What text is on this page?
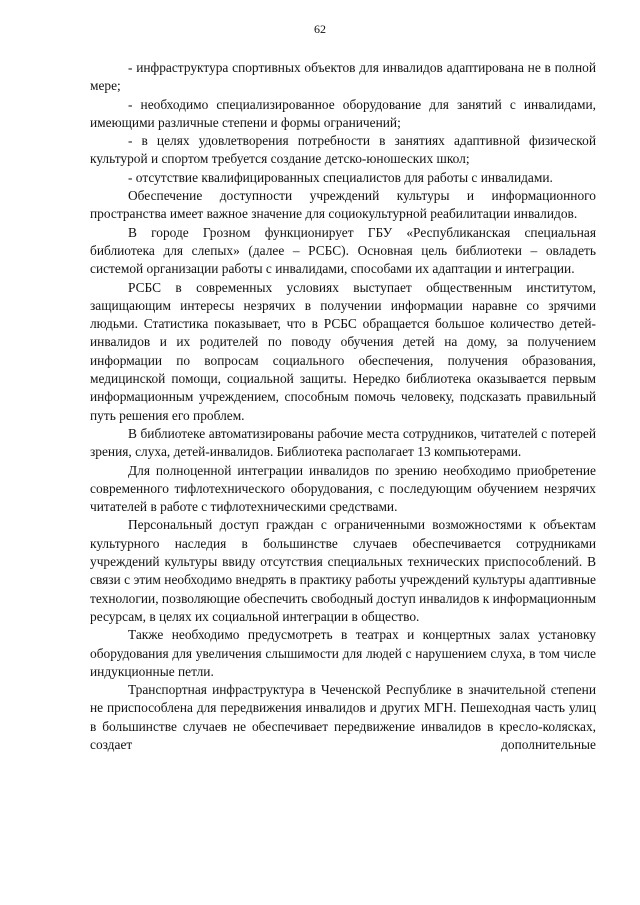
62

- инфраструктура спортивных объектов для инвалидов адаптирована не в полной мере;

- необходимо специализированное оборудование для занятий с инвалидами, имеющими различные степени и формы ограничений;

- в целях удовлетворения потребности в занятиях адаптивной физической культурой и спортом требуется создание детско-юношеских школ;

- отсутствие квалифицированных специалистов для работы с инвалидами.

Обеспечение доступности учреждений культуры и информационного пространства имеет важное значение для социокультурной реабилитации инвалидов.

В городе Грозном функционирует ГБУ «Республиканская специальная библиотека для слепых» (далее – РСБС). Основная цель библиотеки – овладеть системой организации работы с инвалидами, способами их адаптации и интеграции.

РСБС в современных условиях выступает общественным институтом, защищающим интересы незрячих в получении информации наравне со зрячими людьми. Статистика показывает, что в РСБС обращается большое количество детей-инвалидов и их родителей по поводу обучения детей на дому, за получением информации по вопросам социального обеспечения, получения образования, медицинской помощи, социальной защиты. Нередко библиотека оказывается первым информационным учреждением, способным помочь человеку, подсказать правильный путь решения его проблем.

В библиотеке автоматизированы рабочие места сотрудников, читателей с потерей зрения, слуха, детей-инвалидов. Библиотека располагает 13 компьютерами.

Для полноценной интеграции инвалидов по зрению необходимо приобретение современного тифлотехнического оборудования, с последующим обучением незрячих читателей в работе с тифлотехническими средствами.

Персональный доступ граждан с ограниченными возможностями к объектам культурного наследия в большинстве случаев обеспечивается сотрудниками учреждений культуры ввиду отсутствия специальных технических приспособлений. В связи с этим необходимо внедрять в практику работы учреждений культуры адаптивные технологии, позволяющие обеспечить свободный доступ инвалидов к информационным ресурсам, в целях их социальной интеграции в общество.

Также необходимо предусмотреть в театрах и концертных залах установку оборудования для увеличения слышимости для людей с нарушением слуха, в том числе индукционные петли.

Транспортная инфраструктура в Чеченской Республике в значительной степени не приспособлена для передвижения инвалидов и других МГН. Пешеходная часть улиц в большинстве случаев не обеспечивает передвижение инвалидов в кресло-колясках, создает дополнительные
